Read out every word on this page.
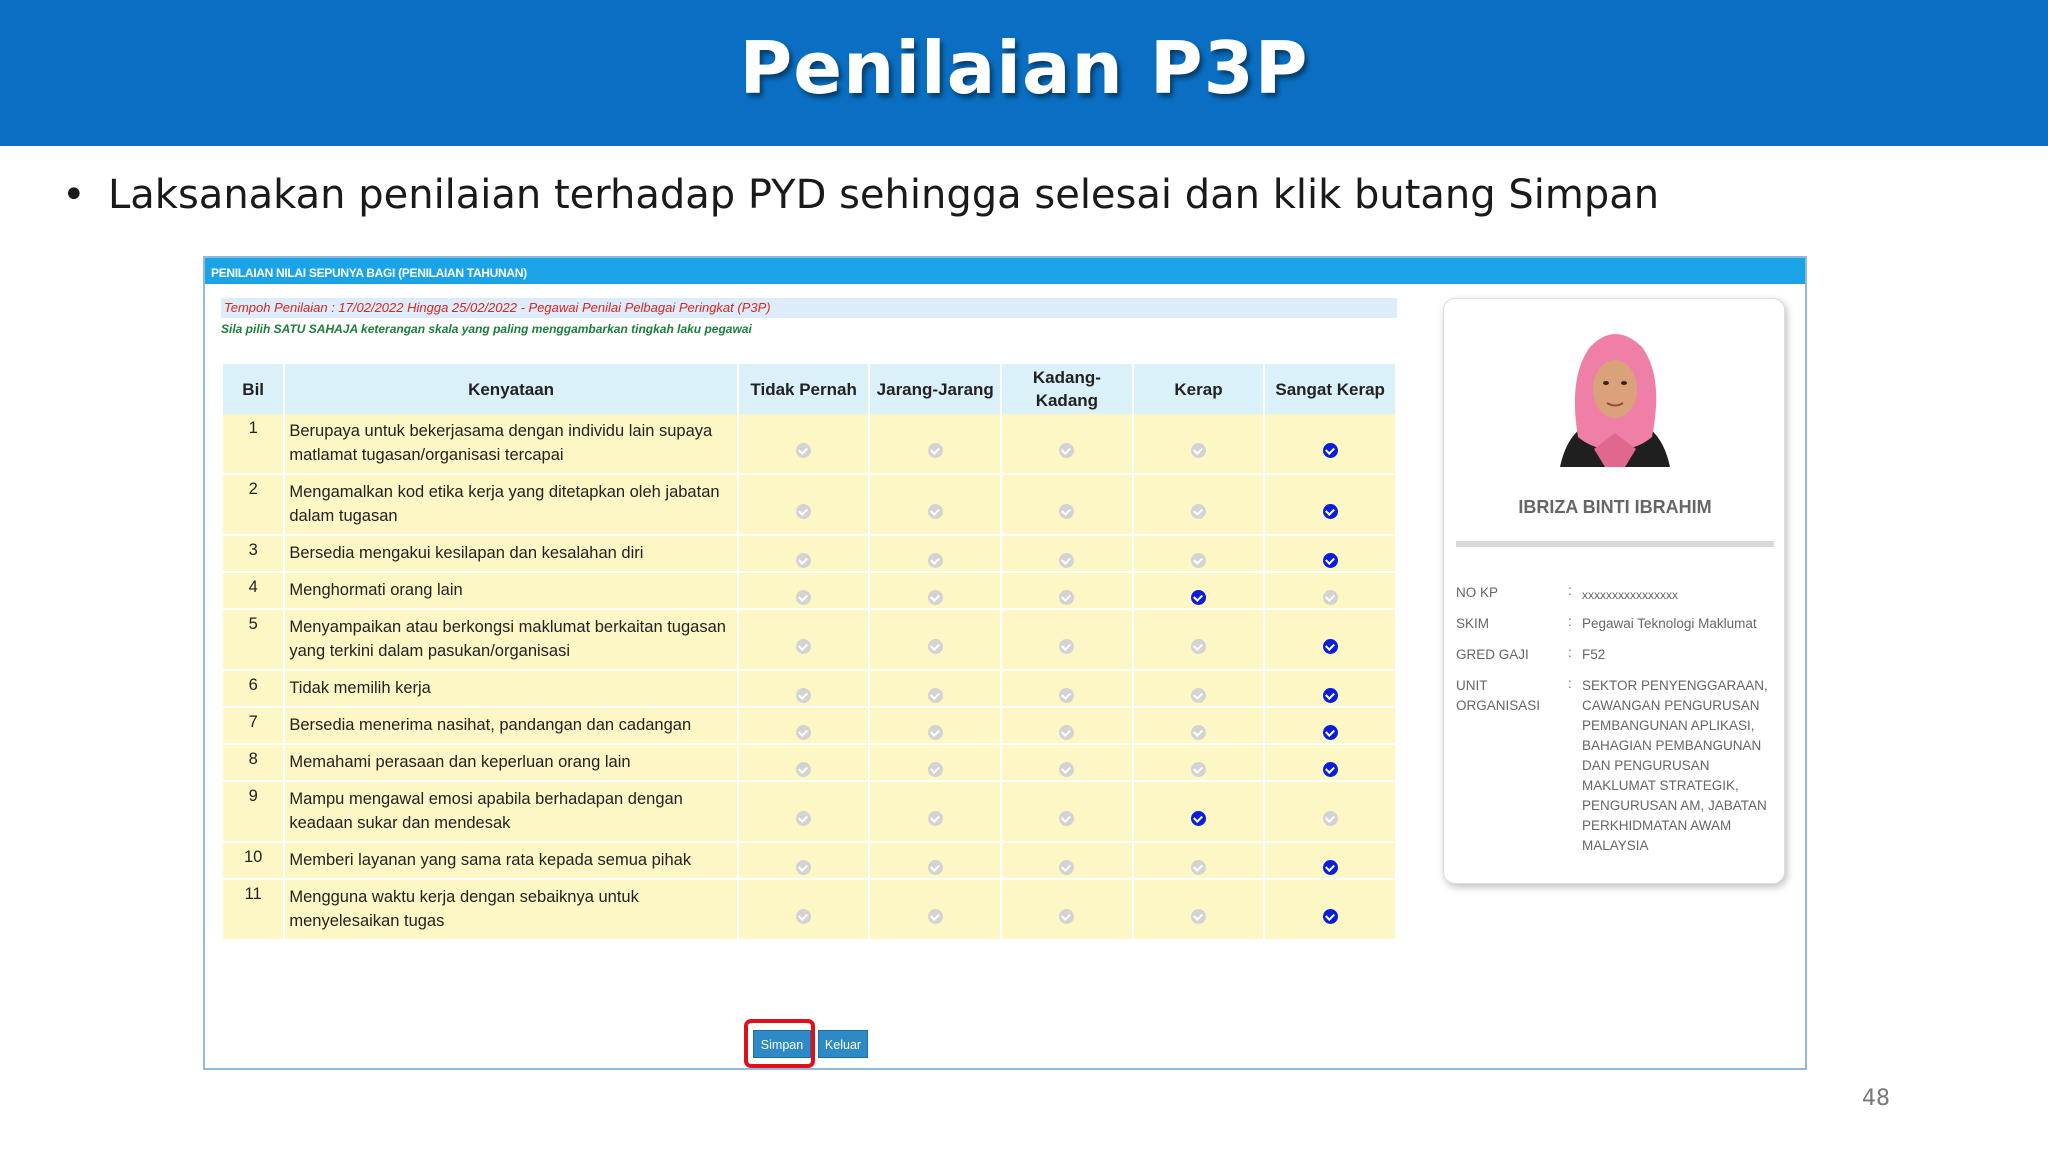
Penilaian P3P
• Laksanakan penilaian terhadap PYD sehingga selesai dan klik butang Simpan
PENILAIAN NILAI SEPUNYA BAGI (PENILAIAN TAHUNAN)
Tempoh Penilaian : 17/02/2022 Hingga 25/02/2022 - Pegawai Penilai Pelbagai Peringkat (P3P)
Sila pilih SATU SAHAJA keterangan skala yang paling menggambarkan tingkah laku pegawai
Bil	Kenyataan	Tidak Pernah	Jarang-Jarang	Kadang-Kadang	Kerap	Sangat Kerap
1	Berupaya untuk bekerjasama dengan individu lain supaya matlamat tugasan/organisasi tercapai					
2	Mengamalkan kod etika kerja yang ditetapkan oleh jabatan dalam tugasan					
3	Bersedia mengakui kesilapan dan kesalahan diri					
4	Menghormati orang lain					
5	Menyampaikan atau berkongsi maklumat berkaitan tugasan yang terkini dalam pasukan/organisasi					
6	Tidak memilih kerja					
7	Bersedia menerima nasihat, pandangan dan cadangan					
8	Memahami perasaan dan keperluan orang lain					
9	Mampu mengawal emosi apabila berhadapan dengan keadaan sukar dan mendesak					
10	Memberi layanan yang sama rata kepada semua pihak					
11	Mengguna waktu kerja dengan sebaiknya untuk menyelesaikan tugas					
Simpan	Keluar
IBRIZA BINTI IBRAHIM
NO KP	: xxxxxxxxxxxxxxxx
SKIM	: Pegawai Teknologi Maklumat
GRED GAJI	: F52
UNIT ORGANISASI
: SEKTOR PENYENGGARAAN, CAWANGAN PENGURUSAN PEMBANGUNAN APLIKASI, BAHAGIAN PEMBANGUNAN DAN PENGURUSAN MAKLUMAT STRATEGIK, PENGURUSAN AM, JABATAN PERKHIDMATAN AWAM MALAYSIA
48
